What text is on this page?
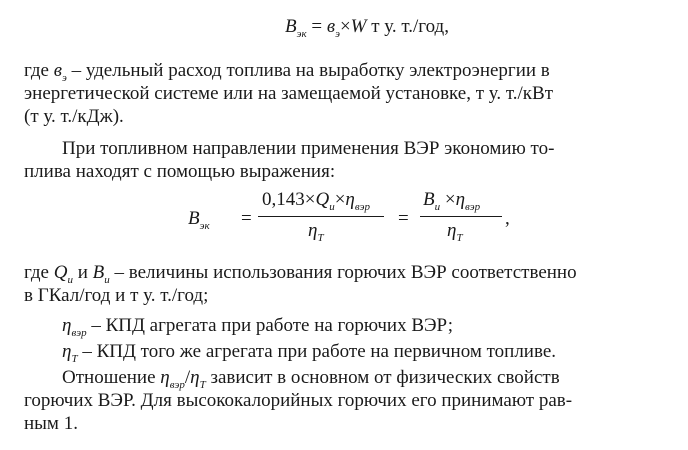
$B_{эк} = в_э\times W$ т у. т./год,
где $в_э$ – удельный расход топлива на выработку электроэнергии в
энергетической системе или на замещаемой установке, т у. т./кВт
(т у. т./кДж).
При топливном направлении применения ВЭР экономию то-
плива находят с помощью выражения:
$B_{эк}$ =
$0,143\times Q_и\times\eta_{вэр}$
$\eta_Т$
=
$B_и \times\eta_{вэр}$
$\eta_Т$
,
где $Q_и$ и $B_и$ – величины использования горючих ВЭР соответственно
в ГКал/год и т у. т./год;
$\eta_{вэр}$ – КПД агрегата при работе на горючих ВЭР;
$\eta_Т$ – КПД того же агрегата при работе на первичном топливе.
Отношение $\eta_{вэр}/\eta_Т$ зависит в основном от физических свойств
горючих ВЭР. Для высококалорийных горючих его принимают рав-
ным 1.
